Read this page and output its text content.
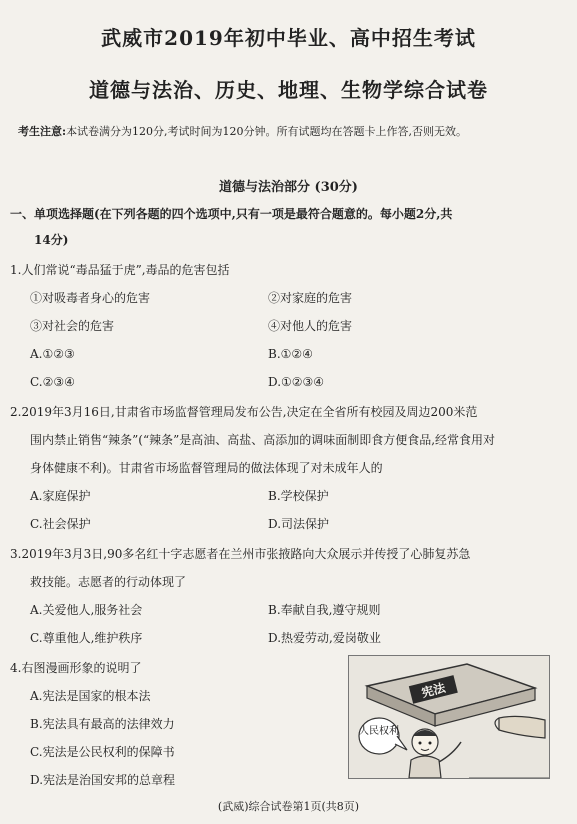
武威市2019年初中毕业、高中招生考试
道德与法治、历史、地理、生物学综合试卷
考生注意:本试卷满分为120分,考试时间为120分钟。所有试题均在答题卡上作答,否则无效。
道德与法治部分 (30分)
一、单项选择题(在下列各题的四个选项中,只有一项是最符合题意的。每小题2分,共
14分)
1.人们常说“毒品猛于虎”,毒品的危害包括
①对吸毒者身心的危害	②对家庭的危害
③对社会的危害	④对他人的危害
A.①②③	B.①②④
C.②③④	D.①②③④
2.2019年3月16日,甘肃省市场监督管理局发布公告,决定在全省所有校园及周边200米范
围内禁止销售“辣条”(“辣条”是高油、高盐、高添加的调味面制即食方便食品,经常食用对
身体健康不利)。甘肃省市场监督管理局的做法体现了对未成年人的
A.家庭保护	B.学校保护
C.社会保护	D.司法保护
3.2019年3月3日,90多名红十字志愿者在兰州市张掖路向大众展示并传授了心肺复苏急
救技能。志愿者的行动体现了
A.关爱他人,服务社会	B.奉献自我,遵守规则
C.尊重他人,维护秩序	D.热爱劳动,爱岗敬业
4.右图漫画形象的说明了
A.宪法是国家的根本法
B.宪法具有最高的法律效力
C.宪法是公民权利的保障书
D.宪法是治国安邦的总章程
宪法
人民权利
(武威)综合试卷第1页(共8页)
